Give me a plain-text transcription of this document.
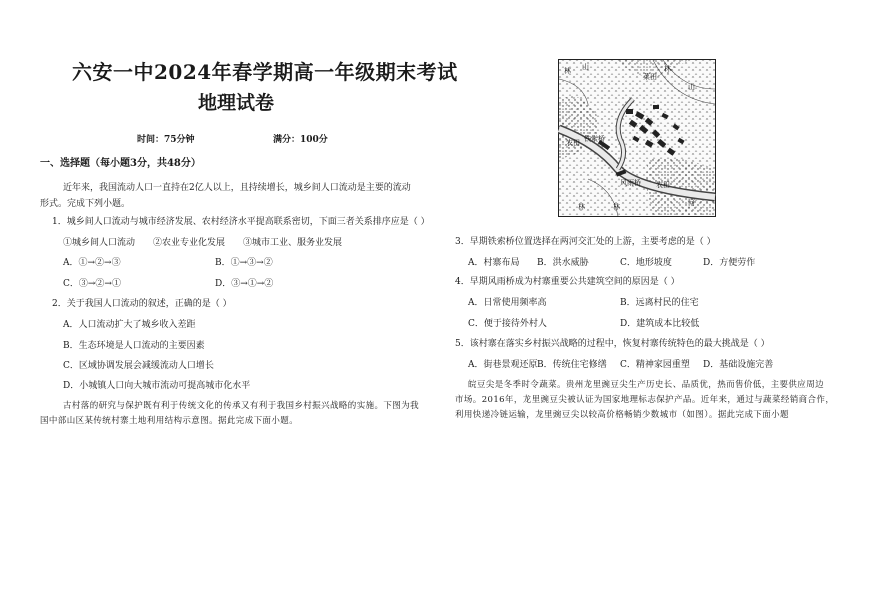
六安一中2024年春学期高一年级期末考试
地理试卷
时间：75分钟	满分：100分
一、选择题（每小题3分，共48分）
近年来，我国流动人口一直持在2亿人以上，且持续增长，城乡间人口流动是主要的流动
形式。完成下列小题。
1．城乡间人口流动与城市经济发展、农村经济水平提高联系密切，下面三者关系排序应是（ ）
①城乡间人口流动 ②农业专业化发展 ③城市工业、服务业发展
A．①→②→③	B．①→③→②
C．③→②→①	D．③→①→②
2．关于我国人口流动的叙述，正确的是（ ）
A．人口流动扩大了城乡收入差距
B．生态环境是人口流动的主要因素
C．区域协调发展会减缓流动人口增长
D．小城镇人口向大城市流动可提高城市化水平
古村落的研究与保护既有利于传统文化的传承又有利于我国乡村振兴战略的实施。下图为我
国中部山区某传统村寨土地利用结构示意图。据此完成下面小题。
林 山	林
山
农田
农田
菜田
风雨桥
铁索桥
河
林	林
3．早期铁索桥位置选择在两河交汇处的上游，主要考虑的是（ ）
A．村寨布局 B．洪水威胁	C．地形坡度	D．方便劳作
4．早期风雨桥成为村寨重要公共建筑空间的原因是（ ）
A．日常使用频率高	B．远离村民的住宅
C．便于接待外村人	D．建筑成本比较低
5．该村寨在落实乡村振兴战略的过程中，恢复村寨传统特色的最大挑战是（ ）
A．街巷景观还原 B．传统住宅修缮 C．精神家园重塑 D．基础设施完善
皖豆尖是冬季时令蔬菜。贵州龙里豌豆尖生产历史长、品质优，热而售价低，主要供应周边
市场。2016年，龙里豌豆尖被认证为国家地理标志保护产品。近年来，通过与蔬菜经销商合作，
利用快递冷链运输，龙里豌豆尖以较高价格畅销少数城市（如图）。据此完成下面小题
